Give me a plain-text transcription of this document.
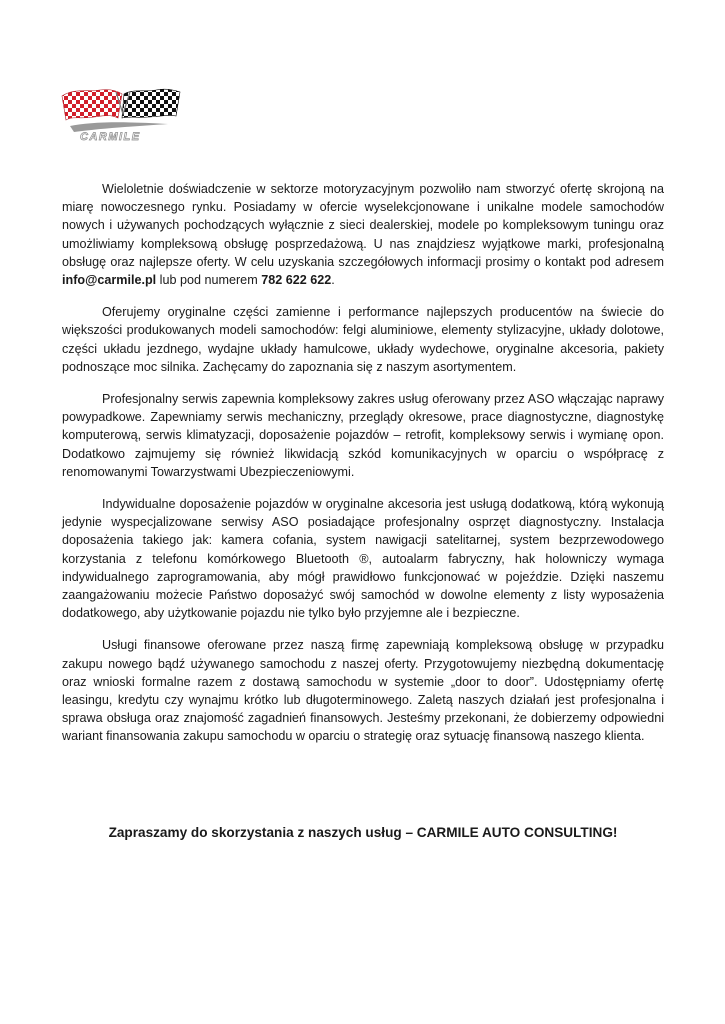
CARMILE

Wieloletnie doświadczenie w sektorze motoryzacyjnym pozwoliło nam stworzyć ofertę skrojoną na miarę nowoczesnego rynku. Posiadamy w ofercie wyselekcjonowane i unikalne modele samochodów nowych i używanych pochodzących wyłącznie z sieci dealerskiej, modele po kompleksowym tuningu oraz umożliwiamy kompleksową obsługę posprzedażową. U nas znajdziesz wyjątkowe marki, profesjonalną obsługę oraz najlepsze oferty. W celu uzyskania szczegółowych informacji prosimy o kontakt pod adresem info@carmile.pl lub pod numerem 782 622 622.

Oferujemy oryginalne części zamienne i performance najlepszych producentów na świecie do większości produkowanych modeli samochodów: felgi aluminiowe, elementy stylizacyjne, układy dolotowe, części układu jezdnego, wydajne układy hamulcowe, układy wydechowe, oryginalne akcesoria, pakiety podnoszące moc silnika. Zachęcamy do zapoznania się z naszym asortymentem.

Profesjonalny serwis zapewnia kompleksowy zakres usług oferowany przez ASO włączając naprawy powypadkowe. Zapewniamy serwis mechaniczny, przeglądy okresowe, prace diagnostyczne, diagnostykę komputerową, serwis klimatyzacji, doposażenie pojazdów – retrofit, kompleksowy serwis i wymianę opon. Dodatkowo zajmujemy się również likwidacją szkód komunikacyjnych w oparciu o współpracę z renomowanymi Towarzystwami Ubezpieczeniowymi.

Indywidualne doposażenie pojazdów w oryginalne akcesoria jest usługą dodatkową, którą wykonują jedynie wyspecjalizowane serwisy ASO posiadające profesjonalny osprzęt diagnostyczny. Instalacja doposażenia takiego jak: kamera cofania, system nawigacji satelitarnej, system bezprzewodowego korzystania z telefonu komórkowego Bluetooth ®, autoalarm fabryczny, hak holowniczy wymaga indywidualnego zaprogramowania, aby mógł prawidłowo funkcjonować w pojeździe. Dzięki naszemu zaangażowaniu możecie Państwo doposażyć swój samochód w dowolne elementy z listy wyposażenia dodatkowego, aby użytkowanie pojazdu nie tylko było przyjemne ale i bezpieczne.

Usługi finansowe oferowane przez naszą firmę zapewniają kompleksową obsługę w przypadku zakupu nowego bądź używanego samochodu z naszej oferty. Przygotowujemy niezbędną dokumentację oraz wnioski formalne razem z dostawą samochodu w systemie „door to door”. Udostępniamy ofertę leasingu, kredytu czy wynajmu krótko lub długoterminowego. Zaletą naszych działań jest profesjonalna i sprawa obsługa oraz znajomość zagadnień finansowych. Jesteśmy przekonani, że dobierzemy odpowiedni wariant finansowania zakupu samochodu w oparciu o strategię oraz sytuację finansową naszego klienta.

Zapraszamy do skorzystania z naszych usług – CARMILE AUTO CONSULTING!
